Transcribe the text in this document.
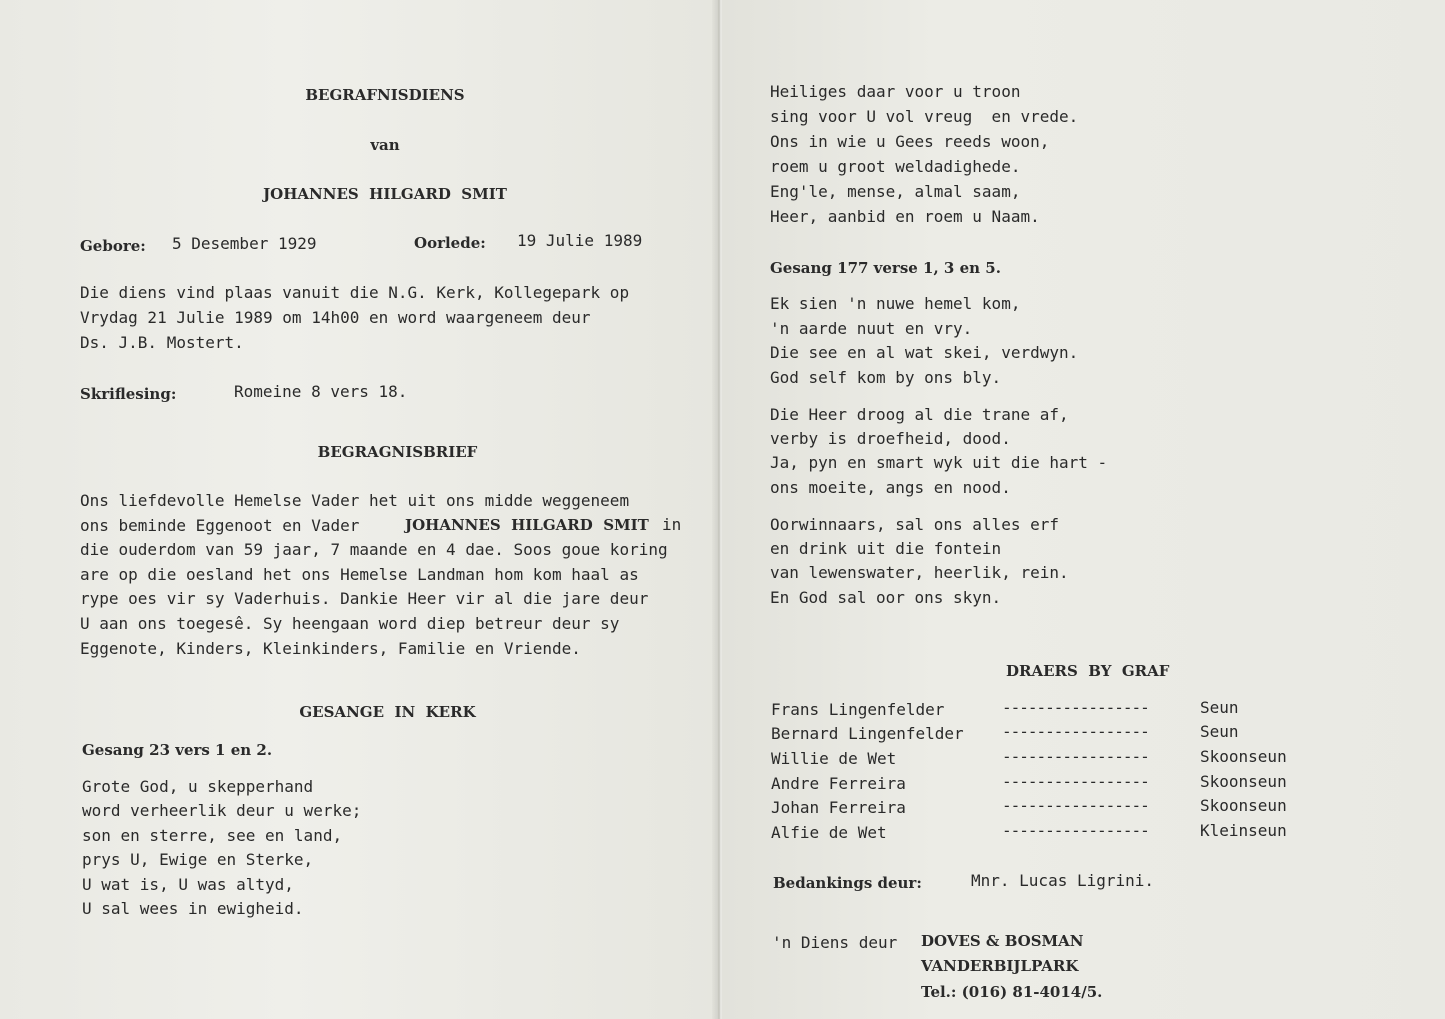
BEGRAFNISDIENS
van
JOHANNES  HILGARD  SMIT
Gebore: 5 Desember 1929	Oorlede: 19 Julie 1989
Die diens vind plaas vanuit die N.G. Kerk, Kollegepark op
Vrydag 21 Julie 1989 om 14h00 en word waargeneem deur
Ds. J.B. Mostert.
Skriflesing:	Romeine 8 vers 18.
BEGRAGNISBRIEF
Ons liefdevolle Hemelse Vader het uit ons midde weggeneem
ons beminde Eggenoot en Vader	JOHANNES  HILGARD  SMIT in
die ouderdom van 59 jaar, 7 maande en 4 dae. Soos goue koring
are op die oesland het ons Hemelse Landman hom kom haal as
rype oes vir sy Vaderhuis. Dankie Heer vir al die jare deur
U aan ons toegesê. Sy heengaan word diep betreur deur sy
Eggenote, Kinders, Kleinkinders, Familie en Vriende.
GESANGE  IN  KERK
Gesang 23 vers 1 en 2.
Grote God, u skepperhand
word verheerlik deur u werke;
son en sterre, see en land,
prys U, Ewige en Sterke,
U wat is, U was altyd,
U sal wees in ewigheid.
Heiliges daar voor u troon
sing voor U vol vreug  en vrede.
Ons in wie u Gees reeds woon,
roem u groot weldadighede.
Eng'le, mense, almal saam,
Heer, aanbid en roem u Naam.
Gesang 177 verse 1, 3 en 5.
Ek sien 'n nuwe hemel kom,
'n aarde nuut en vry.
Die see en al wat skei, verdwyn.
God self kom by ons bly.
Die Heer droog al die trane af,
verby is droefheid, dood.
Ja, pyn en smart wyk uit die hart -
ons moeite, angs en nood.
Oorwinnaars, sal ons alles erf
en drink uit die fontein
van lewenswater, heerlik, rein.
En God sal oor ons skyn.
DRAERS  BY  GRAF
Frans Lingenfelder	-----------------	Seun
Bernard Lingenfelder -----------------	Seun
Willie de Wet	-----------------	Skoonseun
Andre Ferreira	-----------------	Skoonseun
Johan Ferreira	-----------------	Skoonseun
Alfie de Wet	-----------------	Kleinseun
Bedankings deur:	Mnr. Lucas Ligrini.
'n Diens deur DOVES & BOSMAN
VANDERBIJLPARK
Tel.: (016) 81-4014/5.
